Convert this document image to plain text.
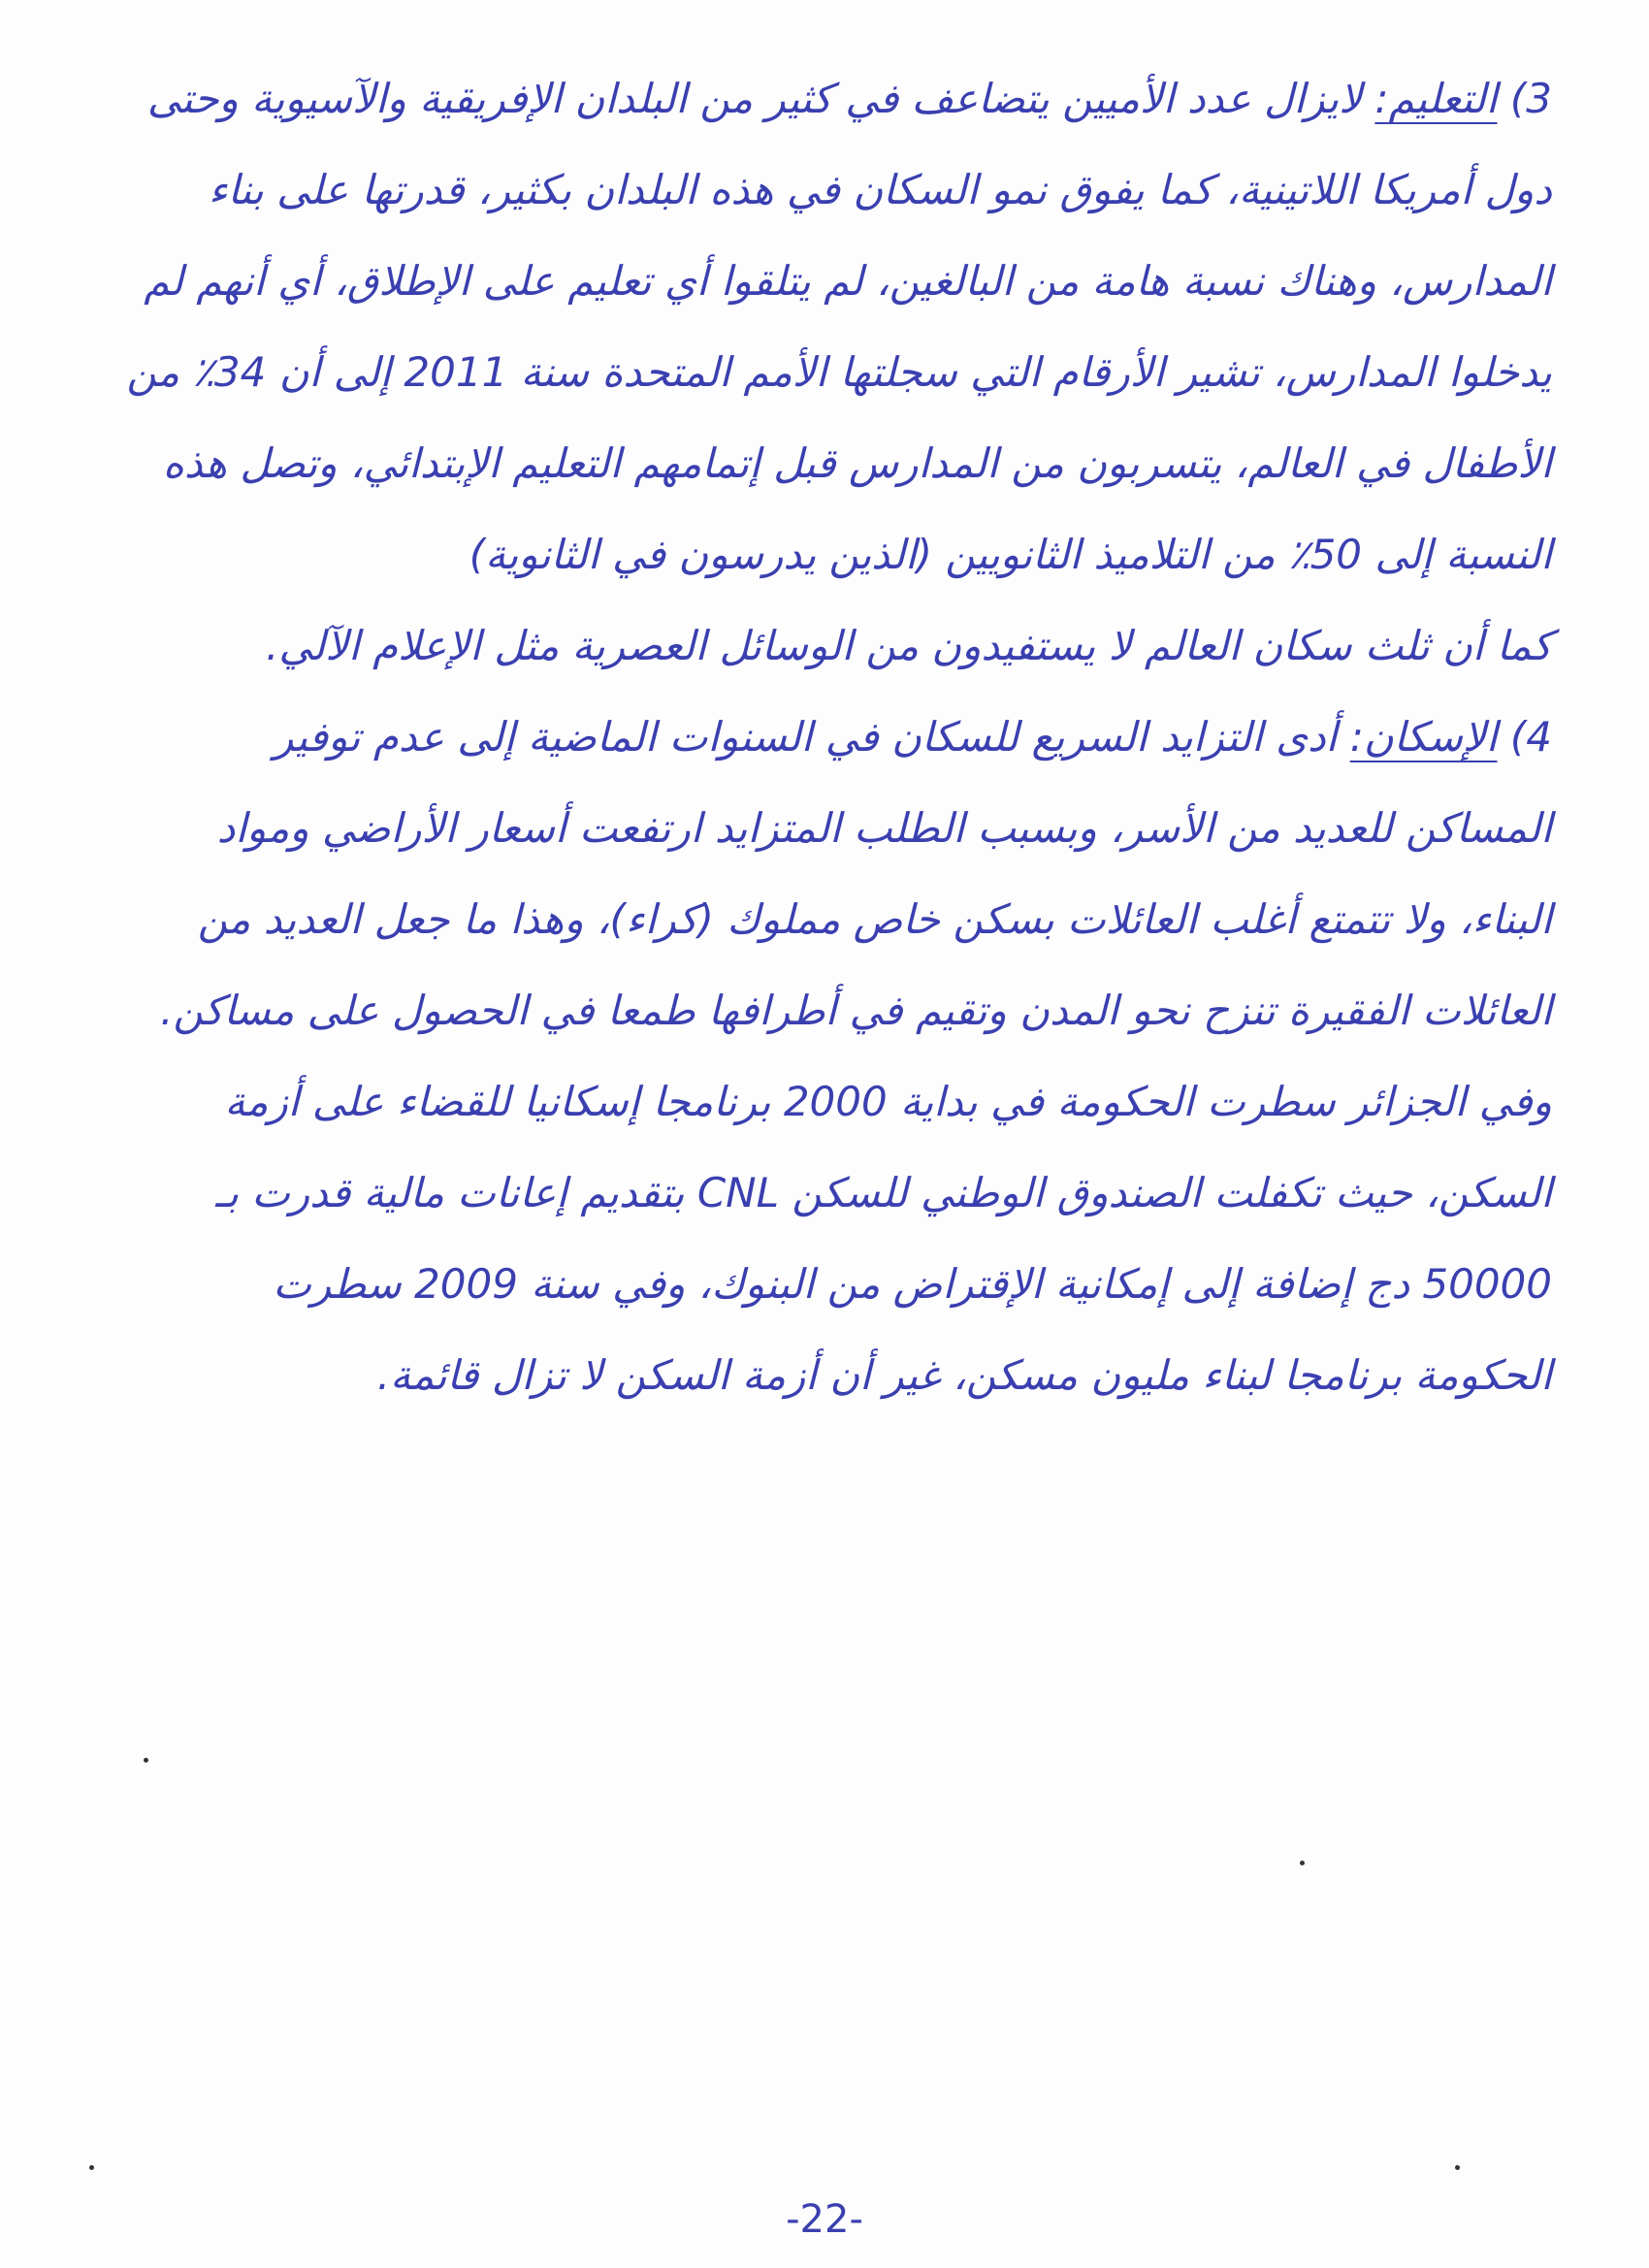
3) التعليم: لايزال عدد الأميين يتضاعف في كثير من البلدان الإفريقية والآسيوية وحتى دول أمريكا اللاتينية، كما يفوق نمو السكان في هذه البلدان بكثير، قدرتها على بناء المدارس، وهناك نسبة هامة من البالغين، لم يتلقوا أي تعليم على الإطلاق، أي أنهم لم يدخلوا المدارس، تشير الأرقام التي سجلتها الأمم المتحدة سنة 2011 إلى أن 34٪ من الأطفال في العالم، يتسربون من المدارس قبل إتمامهم التعليم الإبتدائي، وتصل هذه النسبة إلى 50٪ من التلاميذ الثانويين (الذين يدرسون في الثانوية)
كما أن ثلث سكان العالم لا يستفيدون من الوسائل العصرية مثل الإعلام الآلي.

4) الإسكان: أدى التزايد السريع للسكان في السنوات الماضية إلى عدم توفير المساكن للعديد من الأسر، وبسبب الطلب المتزايد ارتفعت أسعار الأراضي ومواد البناء، ولا تتمتع أغلب العائلات بسكن خاص مملوك (كراء)، وهذا ما جعل العديد من العائلات الفقيرة تنزح نحو المدن وتقيم في أطرافها طمعا في الحصول على مساكن.
وفي الجزائر سطرت الحكومة في بداية 2000 برنامجا إسكانيا للقضاء على أزمة السكن، حيث تكفلت الصندوق الوطني للسكن CNL بتقديم إعانات مالية قدرت بـ 50000 دج إضافة إلى إمكانية الإقتراض من البنوك، وفي سنة 2009 سطرت الحكومة برنامجا لبناء مليون مسكن، غير أن أزمة السكن لا تزال قائمة.

-22-
